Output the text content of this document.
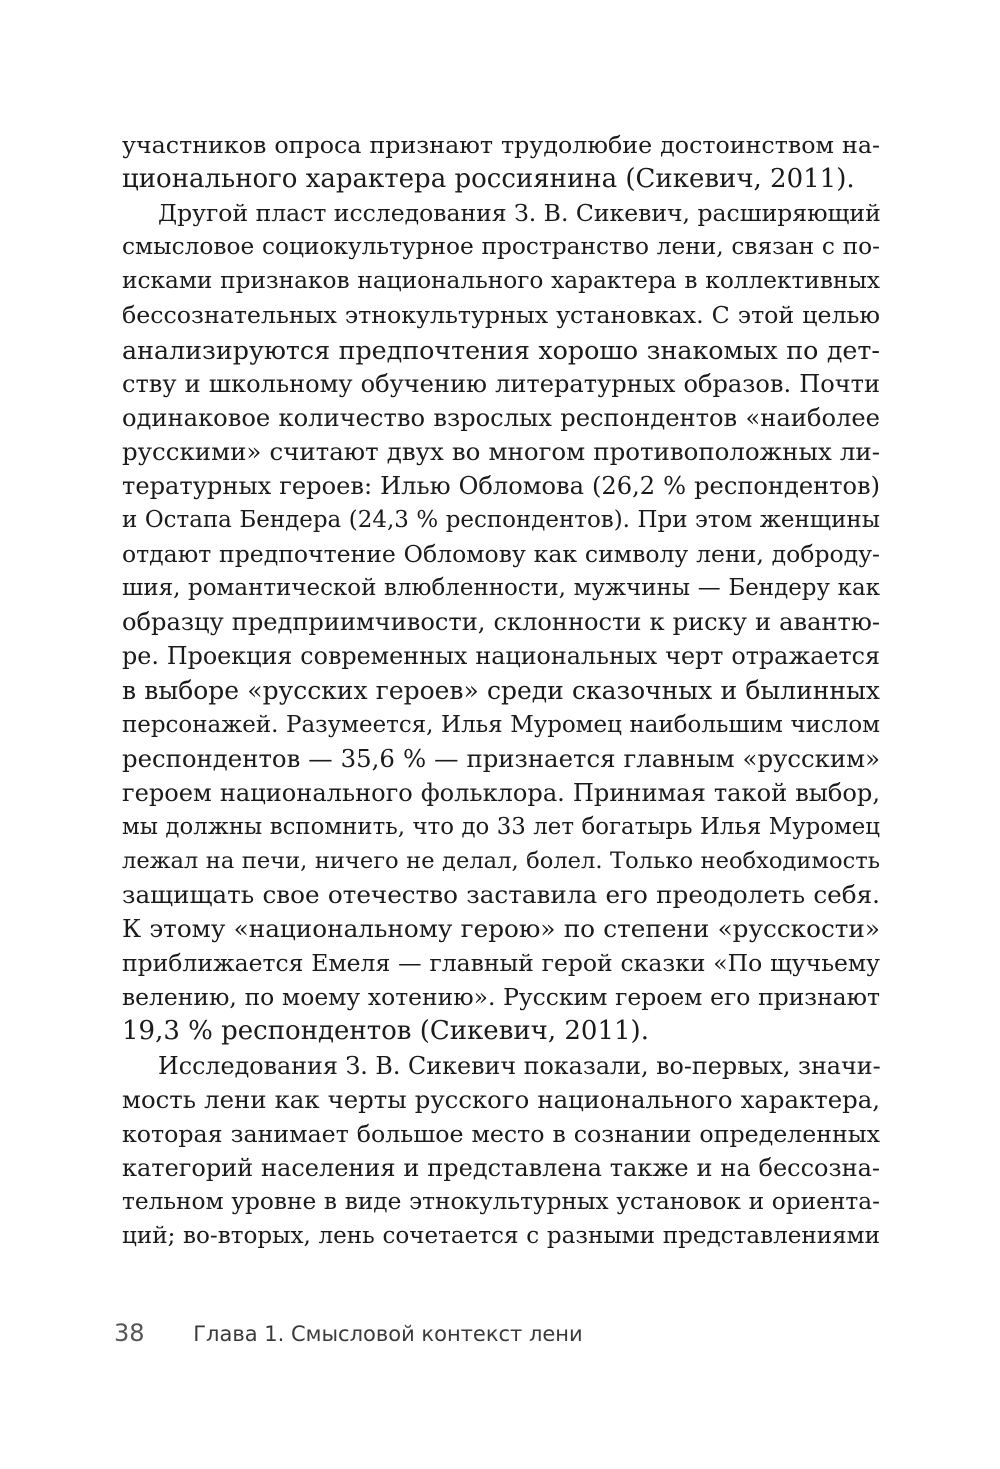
участников опроса признают трудолюбие достоинством на-
ционального характера россиянина (Сикевич, 2011).
Другой пласт исследования З. В. Сикевич, расширяющий
смысловое социокультурное пространство лени, связан с по-
исками признаков национального характера в коллективных
бессознательных этнокультурных установках. С этой целью
анализируются предпочтения хорошо знакомых по дет-
ству и школьному обучению литературных образов. Почти
одинаковое количество взрослых респондентов «наиболее
русскими» считают двух во многом противоположных ли-
тературных героев: Илью Обломова (26,2 % респондентов)
и Остапа Бендера (24,3 % респондентов). При этом женщины
отдают предпочтение Обломову как символу лени, доброду-
шия, романтической влюбленности, мужчины — Бендеру как
образцу предприимчивости, склонности к риску и авантю-
ре. Проекция современных национальных черт отражается
в выборе «русских героев» среди сказочных и былинных
персонажей. Разумеется, Илья Муромец наибольшим числом
респондентов — 35,6 % — признается главным «русским»
героем национального фольклора. Принимая такой выбор,
мы должны вспомнить, что до 33 лет богатырь Илья Муромец
лежал на печи, ничего не делал, болел. Только необходимость
защищать свое отечество заставила его преодолеть себя.
К этому «национальному герою» по степени «русскости»
приближается Емеля — главный герой сказки «По щучьему
велению, по моему хотению». Русским героем его признают
19,3 % респондентов (Сикевич, 2011).
Исследования З. В. Сикевич показали, во-первых, значи-
мость лени как черты русского национального характера,
которая занимает большое место в сознании определенных
категорий населения и представлена также и на бессозна-
тельном уровне в виде этнокультурных установок и ориента-
ций; во-вторых, лень сочетается с разными представлениями
38 Глава 1. Смысловой контекст лени
